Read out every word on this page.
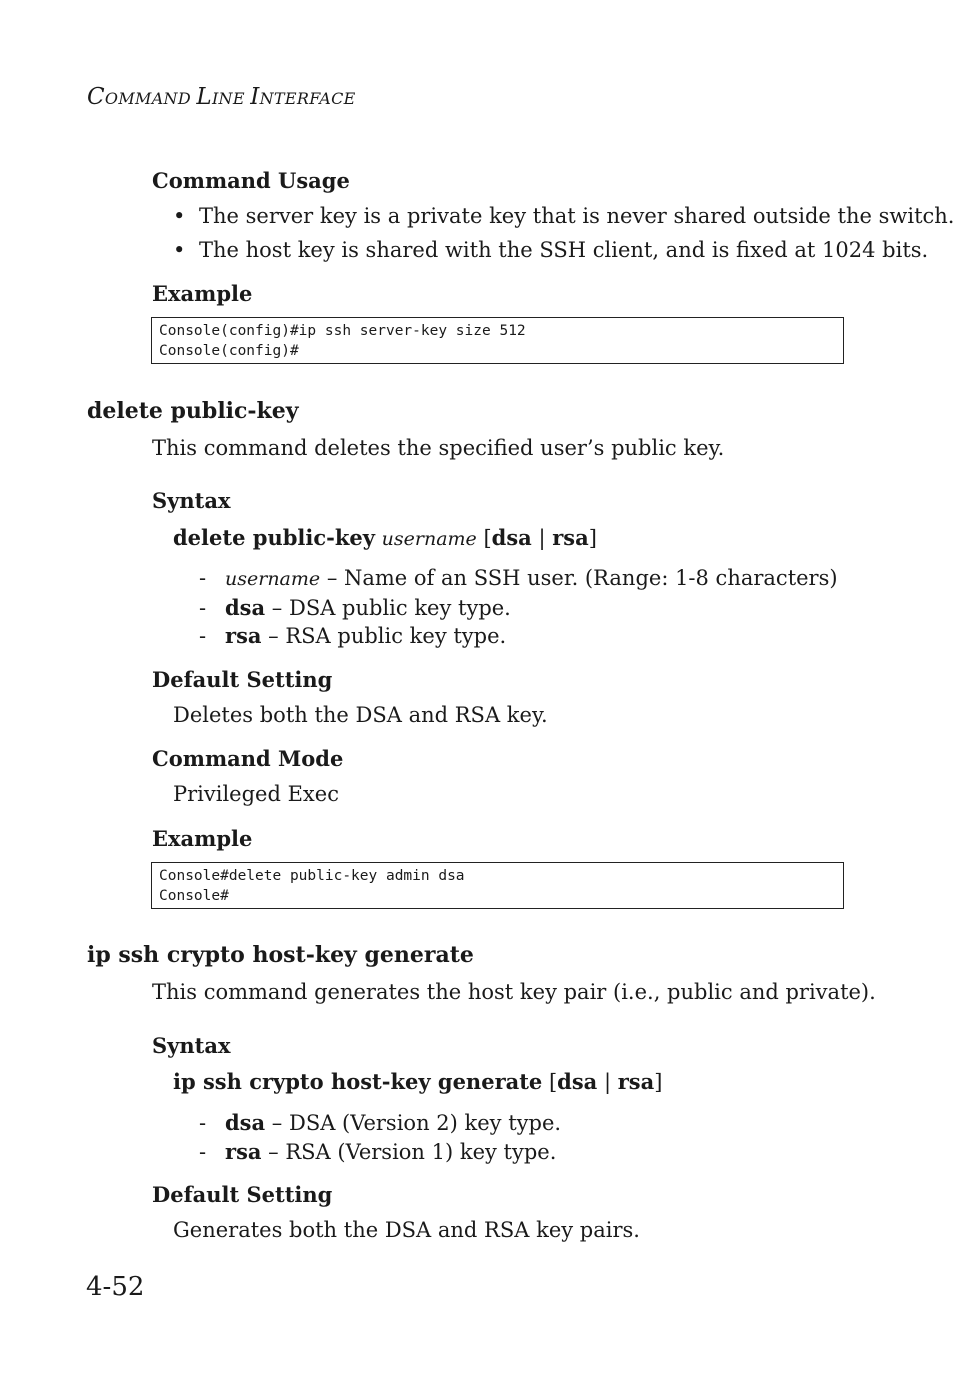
COMMAND LINE INTERFACE
Command Usage
• The server key is a private key that is never shared outside the switch.
• The host key is shared with the SSH client, and is fixed at 1024 bits.
Example
Console(config)#ip ssh server-key size 512
Console(config)#
delete public-key
This command deletes the specified user’s public key.
Syntax
delete public-key username [dsa | rsa]
- username – Name of an SSH user. (Range: 1-8 characters)
- dsa – DSA public key type.
- rsa – RSA public key type.
Default Setting
Deletes both the DSA and RSA key.
Command Mode
Privileged Exec
Example
Console#delete public-key admin dsa
Console#
ip ssh crypto host-key generate
This command generates the host key pair (i.e., public and private).
Syntax
ip ssh crypto host-key generate [dsa | rsa]
- dsa – DSA (Version 2) key type.
- rsa – RSA (Version 1) key type.
Default Setting
Generates both the DSA and RSA key pairs.
4-52
